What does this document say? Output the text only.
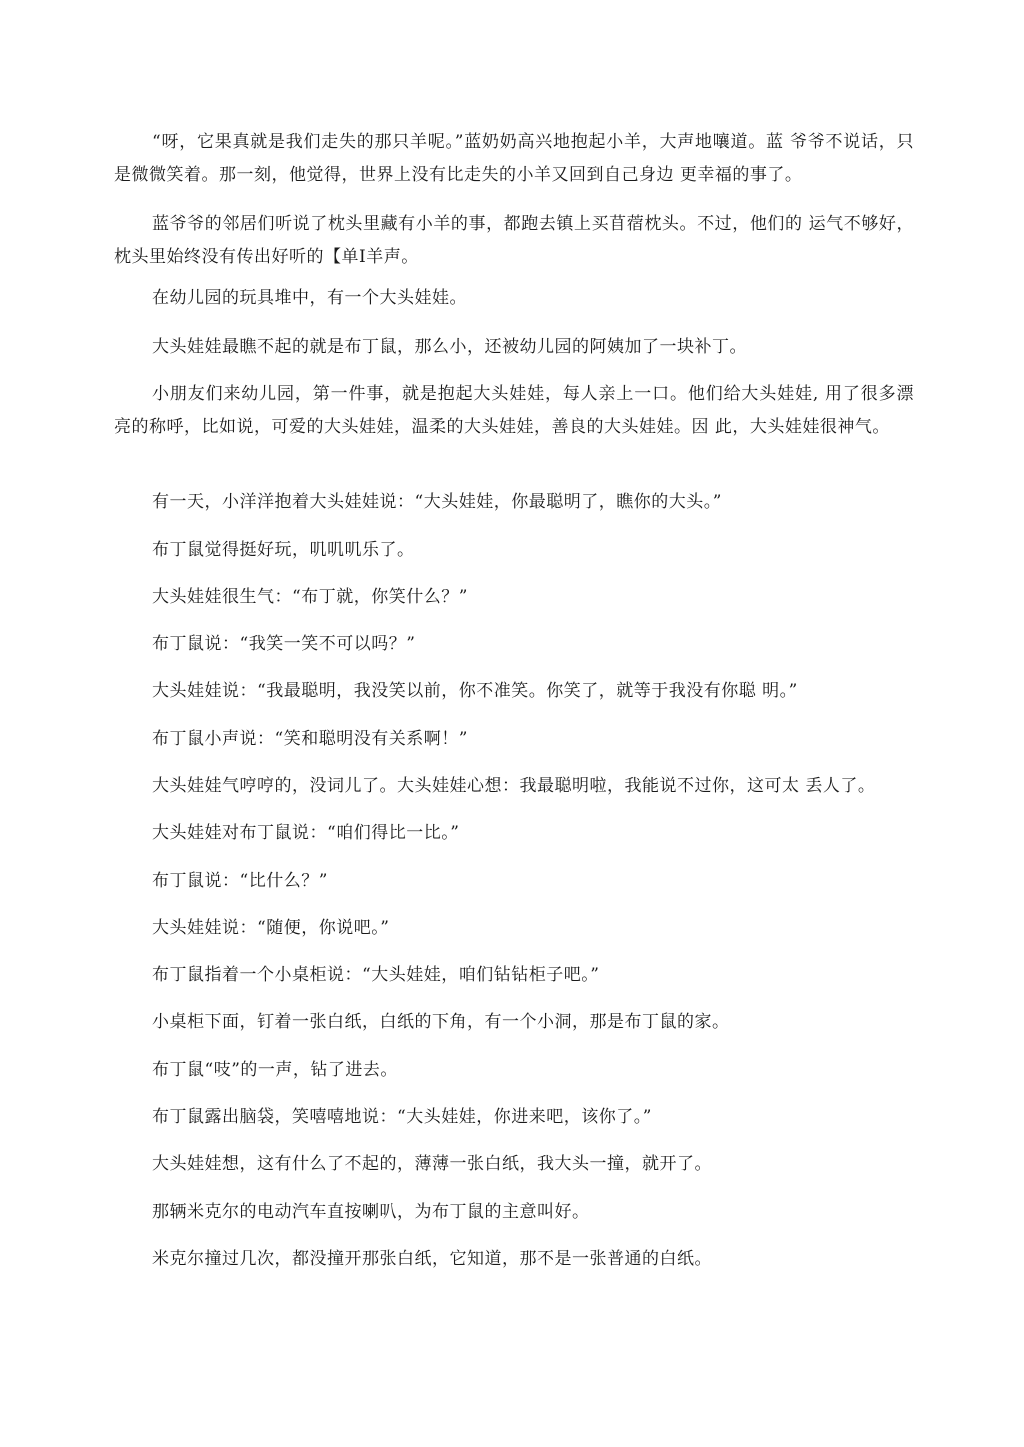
“呀，它果真就是我们走失的那只羊呢。”蓝奶奶高兴地抱起小羊，大声地嚷道。蓝 爷爷不说话，只是微微笑着。那一刻，他觉得，世界上没有比走失的小羊又回到自己身边 更幸福的事了。

蓝爷爷的邻居们听说了枕头里藏有小羊的事，都跑去镇上买苜蓿枕头。不过，他们的 运气不够好，枕头里始终没有传出好听的【单I羊声。

在幼儿园的玩具堆中，有一个大头娃娃。

大头娃娃最瞧不起的就是布丁鼠，那么小，还被幼儿园的阿姨加了一块补丁。

小朋友们来幼儿园，第一件事，就是抱起大头娃娃，每人亲上一口。他们给大头娃娃, 用了很多漂亮的称呼，比如说，可爱的大头娃娃，温柔的大头娃娃，善良的大头娃娃。因 此，大头娃娃很神气。

有一天，小洋洋抱着大头娃娃说：“大头娃娃，你最聪明了，瞧你的大头。”

布丁鼠觉得挺好玩，叽叽叽乐了。

大头娃娃很生气：“布丁就，你笑什么？”

布丁鼠说：“我笑一笑不可以吗？”

大头娃娃说：“我最聪明，我没笑以前，你不准笑。你笑了，就等于我没有你聪 明。”

布丁鼠小声说：“笑和聪明没有关系啊！”

大头娃娃气哼哼的，没词儿了。大头娃娃心想：我最聪明啦，我能说不过你，这可太 丢人了。

大头娃娃对布丁鼠说：“咱们得比一比。”

布丁鼠说：“比什么？”

大头娃娃说：“随便，你说吧。”

布丁鼠指着一个小桌柜说：“大头娃娃，咱们钻钻柜子吧。”

小桌柜下面，钉着一张白纸，白纸的下角，有一个小洞，那是布丁鼠的家。

布丁鼠“吱”的一声，钻了进去。

布丁鼠露出脑袋，笑嘻嘻地说：“大头娃娃，你进来吧，该你了。”

大头娃娃想，这有什么了不起的，薄薄一张白纸，我大头一撞，就开了。

那辆米克尔的电动汽车直按喇叭，为布丁鼠的主意叫好。

米克尔撞过几次，都没撞开那张白纸，它知道，那不是一张普通的白纸。
